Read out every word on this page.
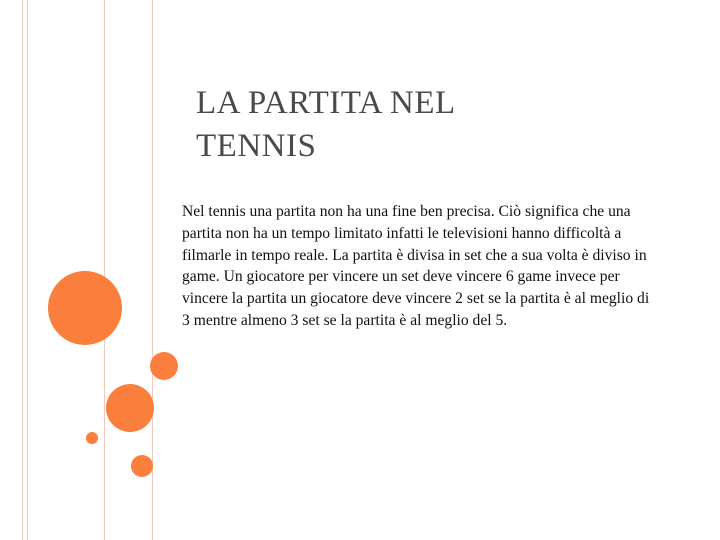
LA PARTITA NEL
TENNIS
Nel tennis una partita non ha una fine ben precisa. Ciò significa che una partita non ha un tempo limitato infatti le televisioni hanno difficoltà a filmarle in tempo reale. La partita è divisa in set che a sua volta è diviso in game. Un giocatore per vincere un set deve vincere 6 game invece per vincere la partita un giocatore deve vincere 2 set se la partita è al meglio di 3 mentre almeno 3 set se la partita è al meglio del 5.
